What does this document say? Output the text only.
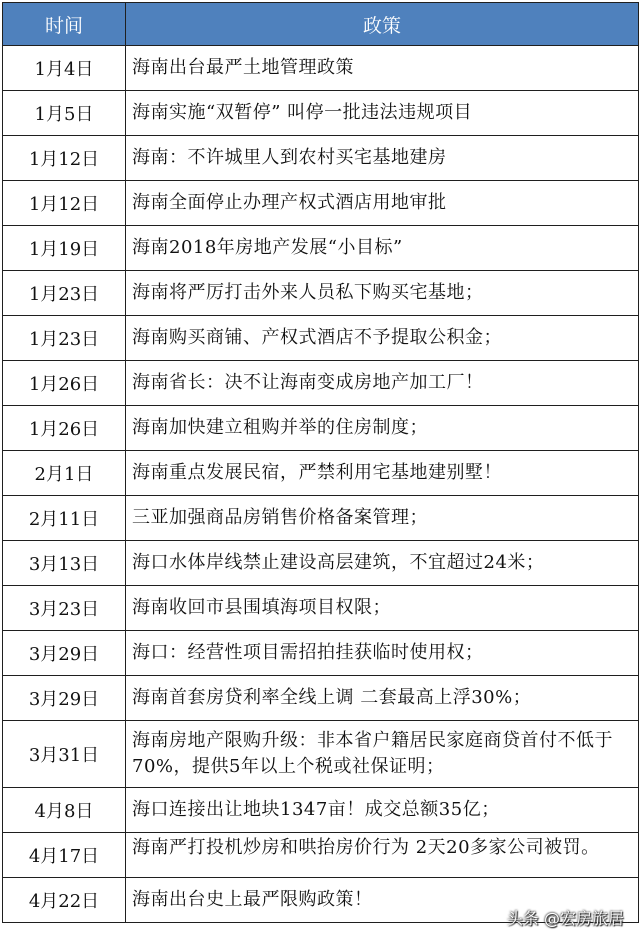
时间	政策
1月4日	海南出台最严土地管理政策
1月5日	海南实施“双暂停” 叫停一批违法违规项目
1月12日	海南：不许城里人到农村买宅基地建房
1月12日	海南全面停止办理产权式酒店用地审批
1月19日	海南2018年房地产发展“小目标”
1月23日	海南将严厉打击外来人员私下购买宅基地；
1月23日	海南购买商铺、产权式酒店不予提取公积金；
1月26日	海南省长：决不让海南变成房地产加工厂！
1月26日	海南加快建立租购并举的住房制度；
2月1日	海南重点发展民宿，严禁利用宅基地建别墅！
2月11日	三亚加强商品房销售价格备案管理；
3月13日	海口水体岸线禁止建设高层建筑，不宜超过24米；
3月23日	海南收回市县围填海项目权限；
3月29日	海口：经营性项目需招拍挂获临时使用权；
3月29日	海南首套房贷利率全线上调 二套最高上浮30%；
3月31日	海南房地产限购升级：非本省户籍居民家庭商贷首付不低于70%，提供5年以上个税或社保证明；
4月8日	海口连接出让地块1347亩！成交总额35亿；
4月17日	海南严打投机炒房和哄抬房价行为 2天20多家公司被罚。

4月22日	海南出台史上最严限购政策！
头条 @宏房旅居
